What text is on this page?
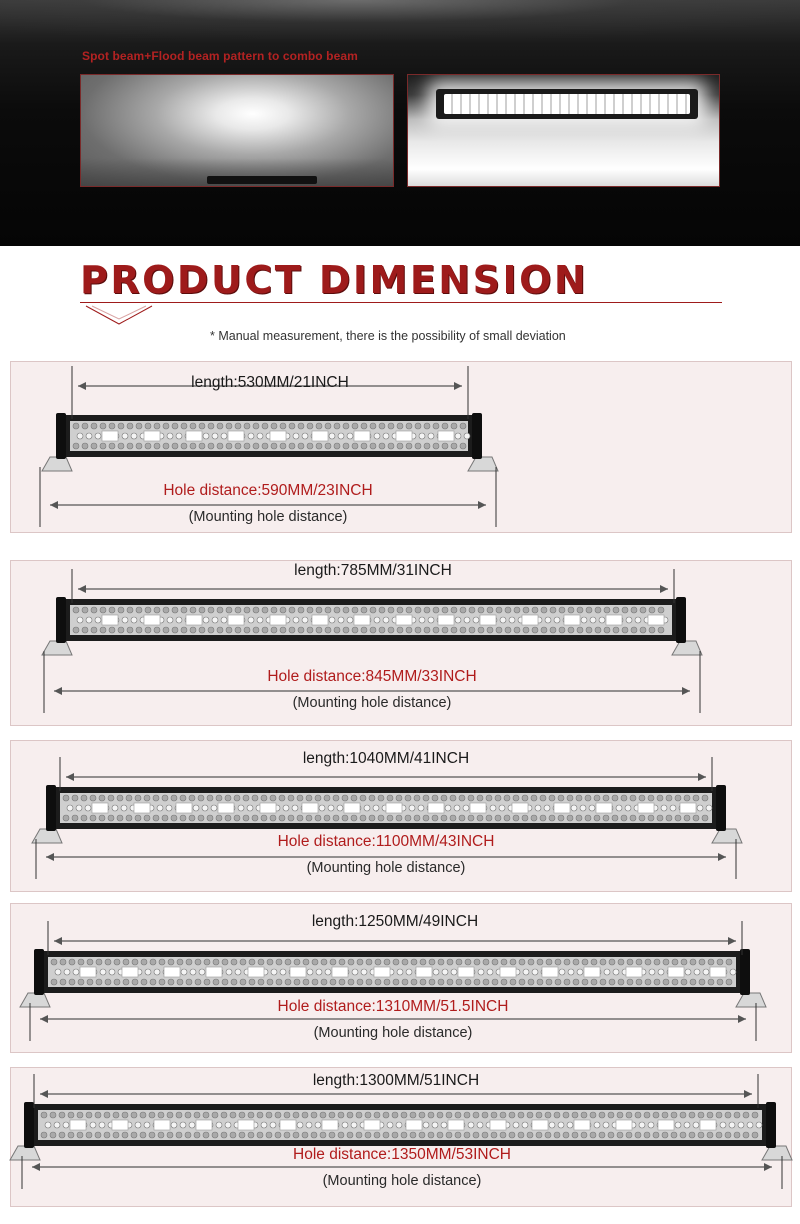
Spot beam+Flood beam pattern to combo beam
PRODUCT DIMENSION
* Manual measurement, there is the possibility of small deviation
length:530MM/21INCH
Hole distance:590MM/23INCH
(Mounting hole distance)
length:785MM/31INCH
Hole distance:845MM/33INCH
(Mounting hole distance)
length:1040MM/41INCH
Hole distance:1100MM/43INCH
(Mounting hole distance)
length:1250MM/49INCH
Hole distance:1310MM/51.5INCH
(Mounting hole distance)
length:1300MM/51INCH
Hole distance:1350MM/53INCH
(Mounting hole distance)
